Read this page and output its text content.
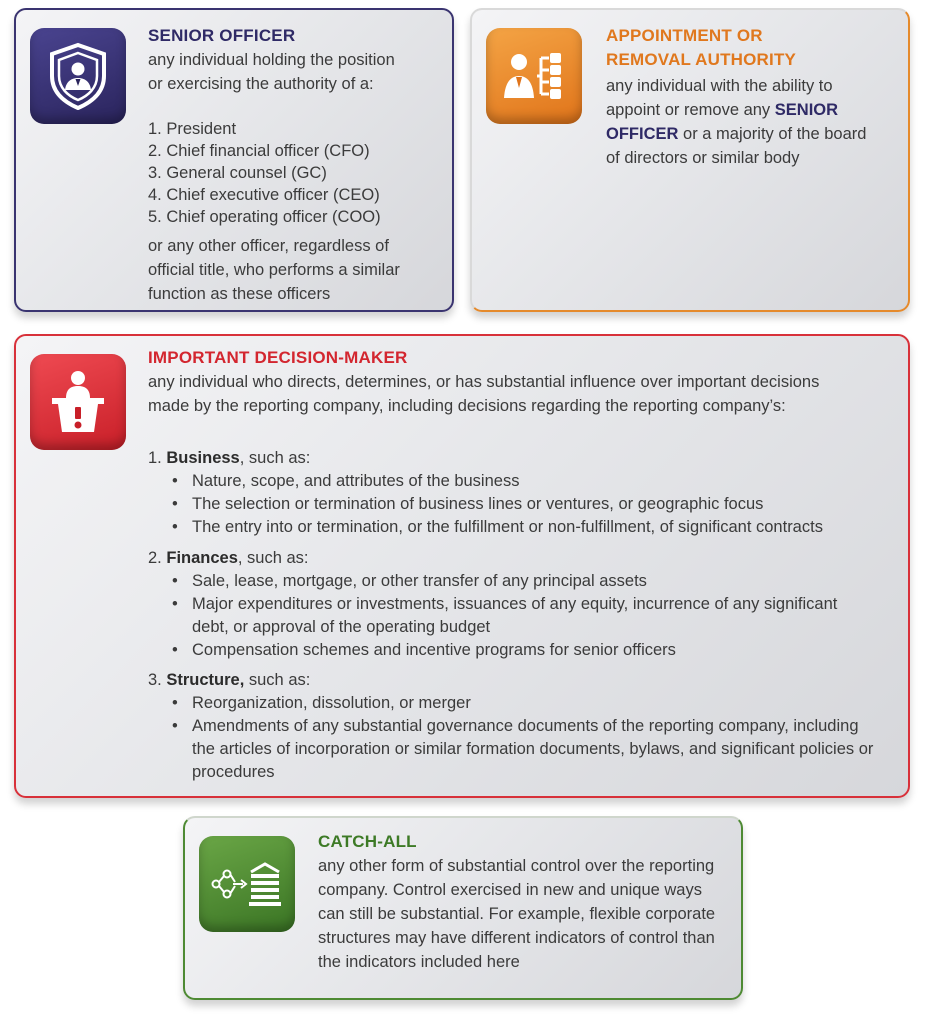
SENIOR OFFICER

any individual holding the position or exercising the authority of a:

1. President
2. Chief financial officer (CFO)
3. General counsel (GC)
4. Chief executive officer (CEO)
5. Chief operating officer (COO)

or any other officer, regardless of official title, who performs a similar function as these officers

APPOINTMENT OR REMOVAL AUTHORITY

any individual with the ability to appoint or remove any SENIOR OFFICER or a majority of the board of directors or similar body

IMPORTANT DECISION-MAKER

any individual who directs, determines, or has substantial influence over important decisions made by the reporting company, including decisions regarding the reporting company’s:

1. Business, such as:
• Nature, scope, and attributes of the business
• The selection or termination of business lines or ventures, or geographic focus
• The entry into or termination, or the fulfillment or non-fulfillment, of significant contracts
2. Finances, such as:
• Sale, lease, mortgage, or other transfer of any principal assets
• Major expenditures or investments, issuances of any equity, incurrence of any significant debt, or approval of the operating budget
• Compensation schemes and incentive programs for senior officers
3. Structure, such as:
• Reorganization, dissolution, or merger
• Amendments of any substantial governance documents of the reporting company, including the articles of incorporation or similar formation documents, bylaws, and significant policies or procedures
CATCH-ALL

any other form of substantial control over the reporting company. Control exercised in new and unique ways can still be substantial. For example, flexible corporate structures may have different indicators of control than the indicators included here
